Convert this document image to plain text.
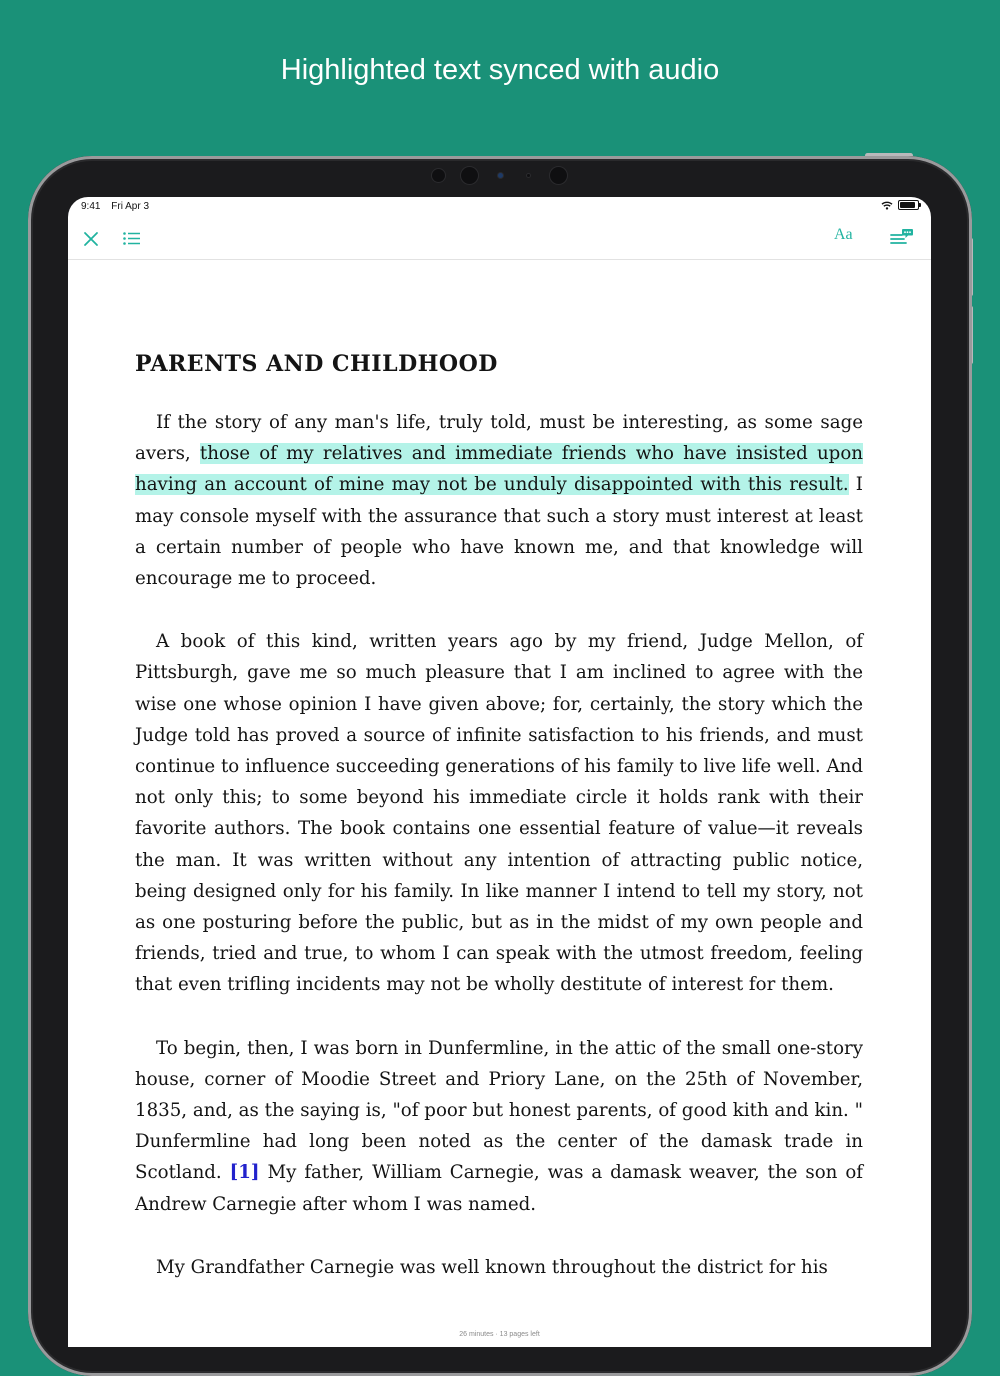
Highlighted text synced with audio
9:41 Fri Apr 3
Aa
PARENTS AND CHILDHOOD

If the story of any man's life, truly told, must be interesting, as some sage avers, those of my relatives and immediate friends who have insisted upon having an account of mine may not be unduly disappointed with this result. I may console myself with the assurance that such a story must interest at least a certain number of people who have known me, and that knowledge will encourage me to proceed.

A book of this kind, written years ago by my friend, Judge Mellon, of Pittsburgh, gave me so much pleasure that I am inclined to agree with the wise one whose opinion I have given above; for, certainly, the story which the Judge told has proved a source of infinite satisfaction to his friends, and must continue to influence succeeding generations of his family to live life well. And not only this; to some beyond his immediate circle it holds rank with their favorite authors. The book contains one essential feature of value—it reveals the man. It was written without any intention of attracting public notice, being designed only for his family. In like manner I intend to tell my story, not as one posturing before the public, but as in the midst of my own people and friends, tried and true, to whom I can speak with the utmost freedom, feeling that even trifling incidents may not be wholly destitute of interest for them.

To begin, then, I was born in Dunfermline, in the attic of the small one-story house, corner of Moodie Street and Priory Lane, on the 25th of November, 1835, and, as the saying is, "of poor but honest parents, of good kith and kin. " Dunfermline had long been noted as the center of the damask trade in Scotland. [1] My father, William Carnegie, was a damask weaver, the son of Andrew Carnegie after whom I was named.

My Grandfather Carnegie was well known throughout the district for his

26 minutes · 13 pages left
